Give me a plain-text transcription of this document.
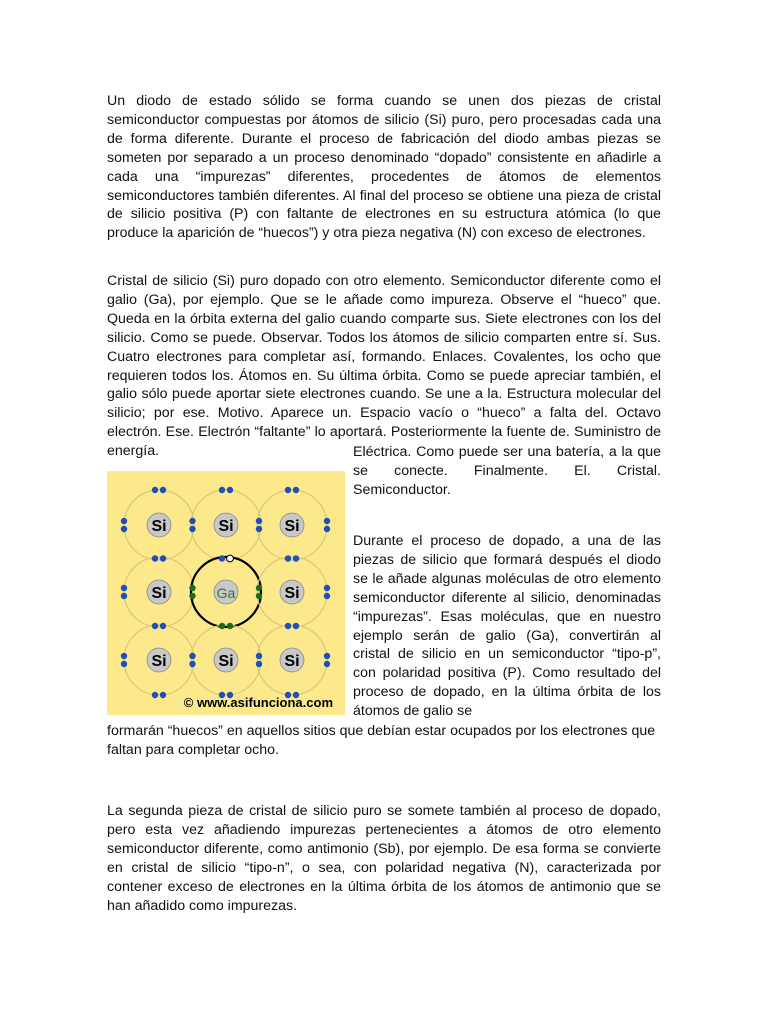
Un diodo de estado sólido se forma cuando se unen dos piezas de cristal semiconductor compuestas por átomos de silicio (Si) puro, pero procesadas cada una de forma diferente. Durante el proceso de fabricación del diodo ambas piezas se someten por separado a un proceso denominado “dopado” consistente en añadirle a cada una “impurezas” diferentes, procedentes de átomos de elementos semiconductores también diferentes. Al final del proceso se obtiene una pieza de cristal de silicio positiva (P) con faltante de electrones en su estructura atómica (lo que produce la aparición de “huecos”) y otra pieza negativa (N) con exceso de electrones.

Cristal de silicio (Si) puro dopado con otro elemento. Semiconductor diferente como el galio (Ga), por ejemplo. Que se le añade como impureza. Observe el “hueco” que. Queda en la órbita externa del galio cuando comparte sus. Siete electrones con los del silicio. Como se puede. Observar. Todos los átomos de silicio comparten entre sí. Sus. Cuatro electrones para completar así, formando. Enlaces. Covalentes, los ocho que requieren todos los. Átomos en. Su última órbita. Como se puede apreciar también, el galio sólo puede aportar siete electrones cuando. Se une a la. Estructura molecular del silicio; por ese. Motivo. Aparece un. Espacio vacío o “hueco” a falta del. Octavo electrón. Ese. Electrón “faltante” lo aportará. Posteriormente la fuente de. Suministro de energía.

Si	Si	Si
Si	Ga	Si
Si	Si	Si
© www.asifunciona.com

Eléctrica. Como puede ser una batería, a la que se conecte. Finalmente. El. Cristal. Semiconductor.

Durante el proceso de dopado, a una de las piezas de silicio que formará después el diodo se le añade algunas moléculas de otro elemento semiconductor diferente al silicio, denominadas “impurezas”. Esas moléculas, que en nuestro ejemplo serán de galio (Ga), convertirán al cristal de silicio en un semiconductor “tipo-p”, con polaridad positiva (P). Como resultado del proceso de dopado, en la última órbita de los átomos de galio se

formarán “huecos” en aquellos sitios que debían estar ocupados por los electrones que faltan para completar ocho.

La segunda pieza de cristal de silicio puro se somete también al proceso de dopado, pero esta vez añadiendo impurezas pertenecientes a átomos de otro elemento semiconductor diferente, como antimonio (Sb), por ejemplo. De esa forma se convierte en cristal de silicio “tipo-n”, o sea, con polaridad negativa (N), caracterizada por contener exceso de electrones en la última órbita de los átomos de antimonio que se han añadido como impurezas.
